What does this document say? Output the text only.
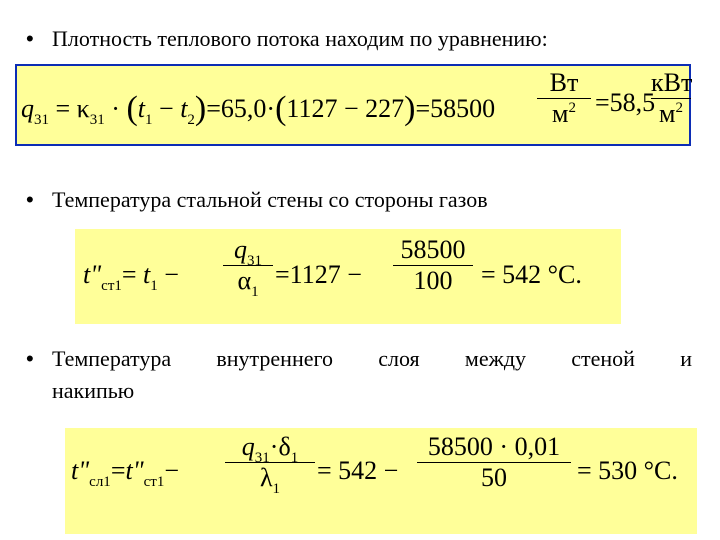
• Плотность теплового потока находим по уравнению:
$q_{31} = \kappa_{31} \cdot (t_1 - t_2)=65,0\cdot(1127 - 227)=58500$
Вт
$м^2 =58,5$
кВт
$м^2$
• Температура стальной стены со стороны газов
$t"_{ст1}= t_1$ −
$q_{31}$
$\alpha_1$
=1127 −
58500
100	= 542 °С.
• Температура внутреннего слоя между стеной и
накипью
$t"_{сл1}=t"_{ст1}-$
$q_{31}\cdot\delta_1$
$\lambda_1$
= 542 −
58500 · 0,01
50	= 530 °С.
